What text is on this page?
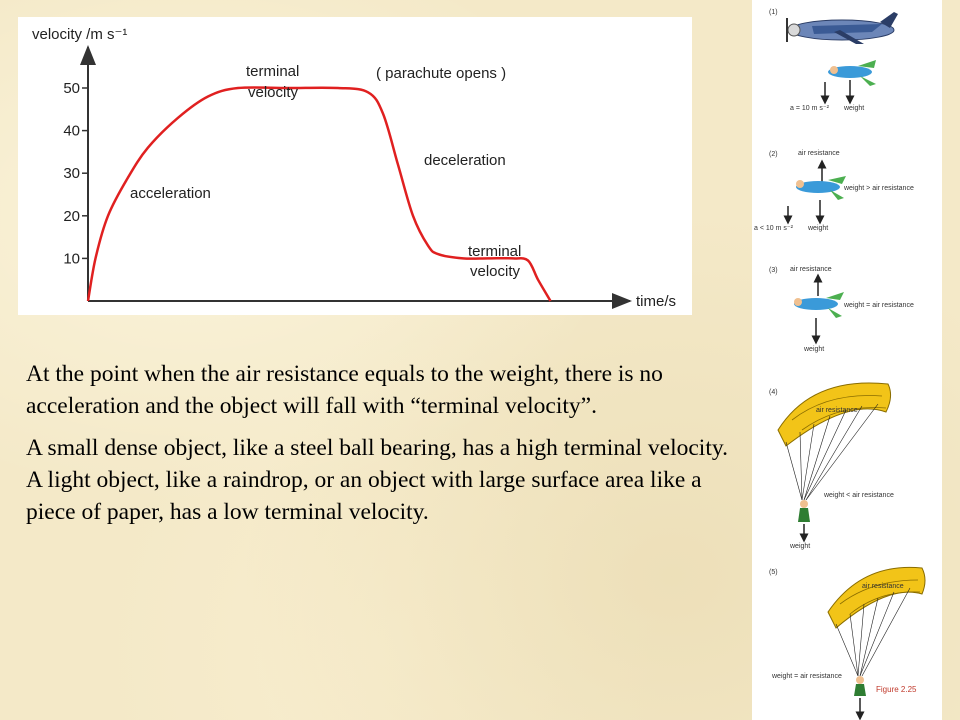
10
20
30
40
50
velocity /m s⁻¹
time/s
terminal
velocity
( parachute opens )
acceleration
deceleration
terminal
velocity

At the point when the air resistance equals to the weight, there is no acceleration and the object will fall with “terminal velocity”.

A small dense object, like a steel ball bearing, has a high terminal velocity. A light object, like a raindrop, or an object with large surface area like a piece of paper, has a low terminal velocity.

(1)
a = 10 m s⁻² weight
(2)	air resistance
weight > air resistance
a < 10 m s⁻² weight
(3) air resistance
weight = air resistance
weight
(4)
air resistance
weight < air resistance
weight
(5)
air resistance
weight = air resistance
Figure 2.25
